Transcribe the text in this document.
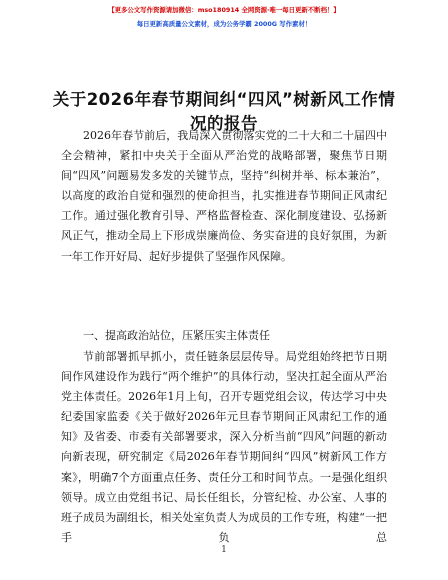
【更多公文写作资源请加微信：mso180914 全网资源·唯一每日更新不断档！】
每日更新高质量公文素材，成为公务学霸 2000G 写作素材！
关于2026年春节期间纠“四风”树新风工作情况的报告

2026年春节前后，我局深入贯彻落实党的二十大和二十届四中全会精神，紧扣中央关于全面从严治党的战略部署，聚焦节日期间“四风”问题易发多发的关键节点，坚持“纠树并举、标本兼治”，以高度的政治自觉和强烈的使命担当，扎实推进春节期间正风肃纪工作。通过强化教育引导、严格监督检查、深化制度建设、弘扬新风正气，推动全局上下形成崇廉尚俭、务实奋进的良好氛围，为新一年工作开好局、起好步提供了坚强作风保障。

一、提高政治站位，压紧压实主体责任

节前部署抓早抓小，责任链条层层传导。局党组始终把节日期间作风建设作为践行“两个维护”的具体行动，坚决扛起全面从严治党主体责任。2026年1月上旬，召开专题党组会议，传达学习中央纪委国家监委《关于做好2026年元旦春节期间正风肃纪工作的通知》及省委、市委有关部署要求，深入分析当前“四风”问题的新动向新表现，研究制定《局2026年春节期间纠“四风”树新风工作方案》，明确7个方面重点任务、责任分工和时间节点。一是强化组织领导。成立由党组书记、局长任组长，分管纪检、办公室、人事的班子成员为副组长，相关处室负责人为成员的工作专班，构建“一把手负总

1
